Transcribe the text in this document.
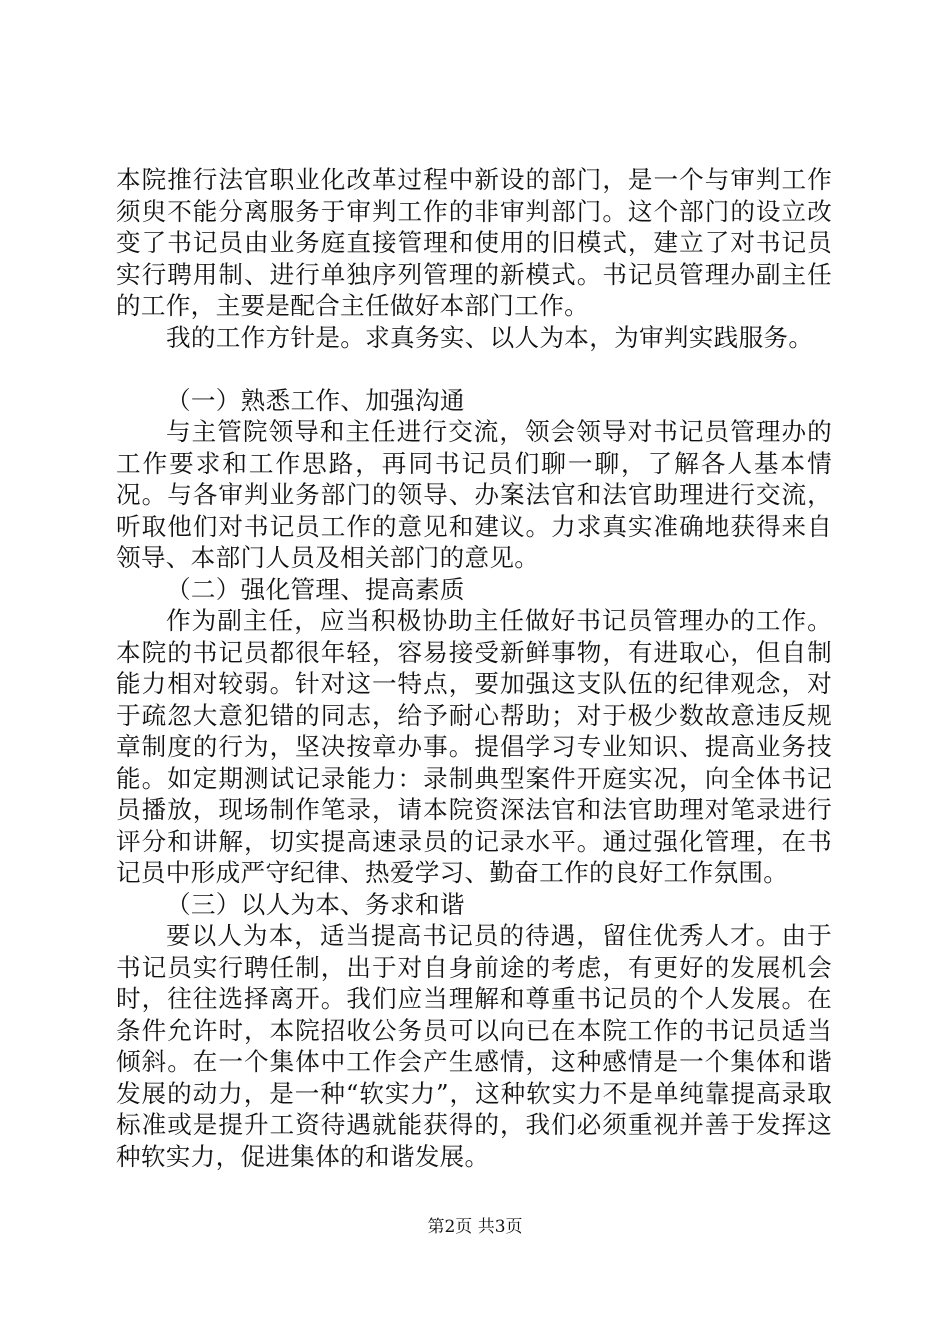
本院推行法官职业化改革过程中新设的部门，是一个与审判工作须臾不能分离服务于审判工作的非审判部门。这个部门的设立改变了书记员由业务庭直接管理和使用的旧模式，建立了对书记员实行聘用制、进行单独序列管理的新模式。书记员管理办副主任的工作，主要是配合主任做好本部门工作。

我的工作方针是。求真务实、以人为本，为审判实践服务。

（一）熟悉工作、加强沟通

与主管院领导和主任进行交流，领会领导对书记员管理办的工作要求和工作思路，再同书记员们聊一聊，了解各人基本情况。与各审判业务部门的领导、办案法官和法官助理进行交流，听取他们对书记员工作的意见和建议。力求真实准确地获得来自领导、本部门人员及相关部门的意见。

（二）强化管理、提高素质

作为副主任，应当积极协助主任做好书记员管理办的工作。本院的书记员都很年轻，容易接受新鲜事物，有进取心，但自制能力相对较弱。针对这一特点，要加强这支队伍的纪律观念，对于疏忽大意犯错的同志，给予耐心帮助；对于极少数故意违反规章制度的行为，坚决按章办事。提倡学习专业知识、提高业务技能。如定期测试记录能力：录制典型案件开庭实况，向全体书记员播放，现场制作笔录，请本院资深法官和法官助理对笔录进行评分和讲解，切实提高速录员的记录水平。通过强化管理，在书记员中形成严守纪律、热爱学习、勤奋工作的良好工作氛围。

（三）以人为本、务求和谐

要以人为本，适当提高书记员的待遇，留住优秀人才。由于书记员实行聘任制，出于对自身前途的考虑，有更好的发展机会时，往往选择离开。我们应当理解和尊重书记员的个人发展。在条件允许时，本院招收公务员可以向已在本院工作的书记员适当倾斜。在一个集体中工作会产生感情，这种感情是一个集体和谐发展的动力，是一种“软实力”，这种软实力不是单纯靠提高录取标准或是提升工资待遇就能获得的，我们必须重视并善于发挥这种软实力，促进集体的和谐发展。

第2页 共3页
